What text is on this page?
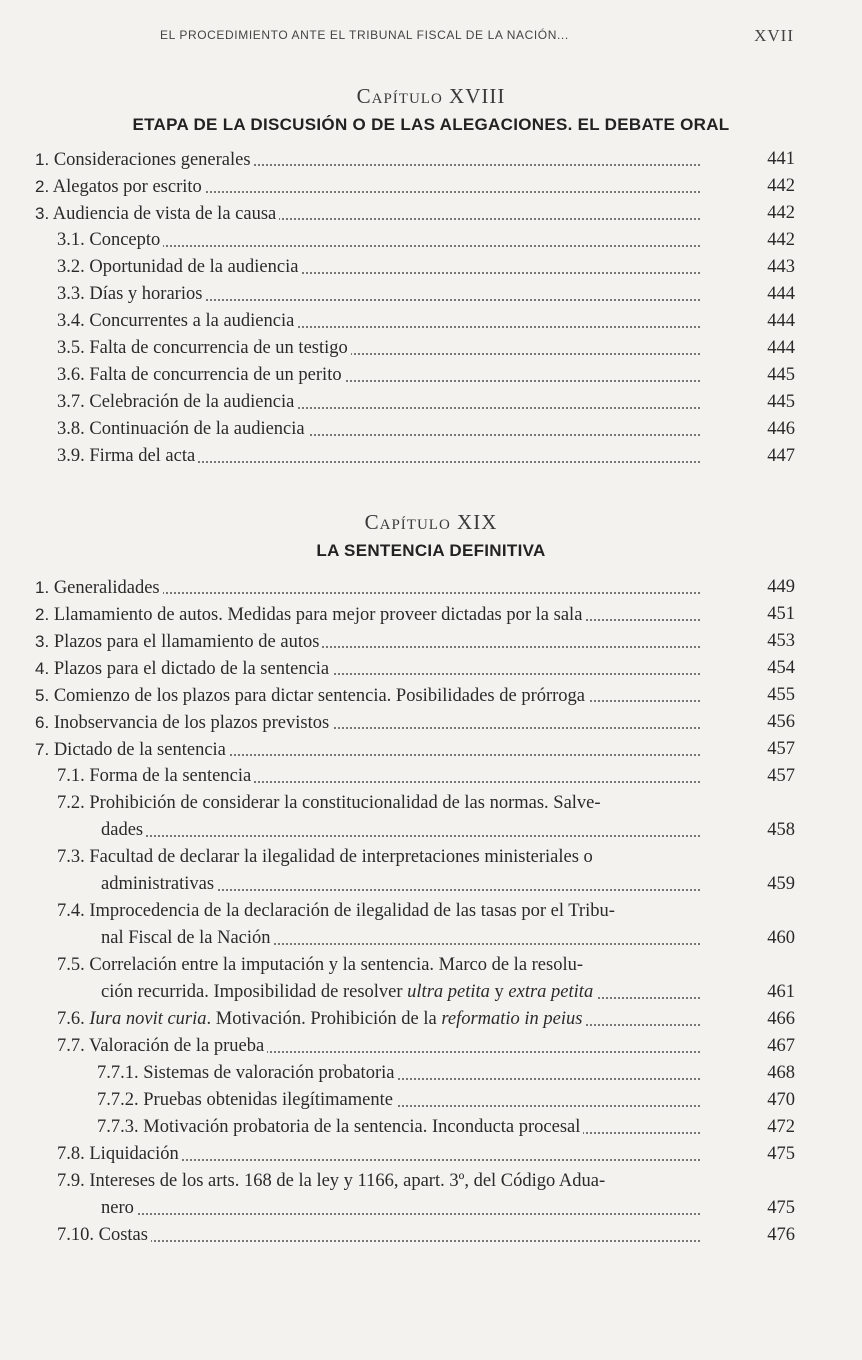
EL PROCEDIMIENTO ANTE EL TRIBUNAL FISCAL DE LA NACIÓN...	XVII
Capítulo XVIII
ETAPA DE LA DISCUSIÓN O DE LAS ALEGACIONES. EL DEBATE ORAL
1. Consideraciones generales	441
2. Alegatos por escrito	442
3. Audiencia de vista de la causa	442
3.1. Concepto	442
3.2. Oportunidad de la audiencia	443
3.3. Días y horarios	444
3.4. Concurrentes a la audiencia	444
3.5. Falta de concurrencia de un testigo	444
3.6. Falta de concurrencia de un perito	445
3.7. Celebración de la audiencia	445
3.8. Continuación de la audiencia	446
3.9. Firma del acta	447
Capítulo XIX
LA SENTENCIA DEFINITIVA
1. Generalidades	449
2. Llamamiento de autos. Medidas para mejor proveer dictadas por la sala	451
3. Plazos para el llamamiento de autos	453
4. Plazos para el dictado de la sentencia	454
5. Comienzo de los plazos para dictar sentencia. Posibilidades de prórroga	455
6. Inobservancia de los plazos previstos	456
7. Dictado de la sentencia	457
7.1. Forma de la sentencia	457
7.2. Prohibición de considerar la constitucionalidad de las normas. Salve-
dades	458
7.3. Facultad de declarar la ilegalidad de interpretaciones ministeriales o
administrativas	459
7.4. Improcedencia de la declaración de ilegalidad de las tasas por el Tribu-
nal Fiscal de la Nación	460
7.5. Correlación entre la imputación y la sentencia. Marco de la resolu-
ción recurrida. Imposibilidad de resolver ultra petita y extra petita	461
7.6. Iura novit curia. Motivación. Prohibición de la reformatio in peius	466
7.7. Valoración de la prueba	467
7.7.1. Sistemas de valoración probatoria	468
7.7.2. Pruebas obtenidas ilegítimamente	470
7.7.3. Motivación probatoria de la sentencia. Inconducta procesal	472
7.8. Liquidación	475
7.9. Intereses de los arts. 168 de la ley y 1166, apart. 3º, del Código Adua-
nero	475
7.10. Costas	476
